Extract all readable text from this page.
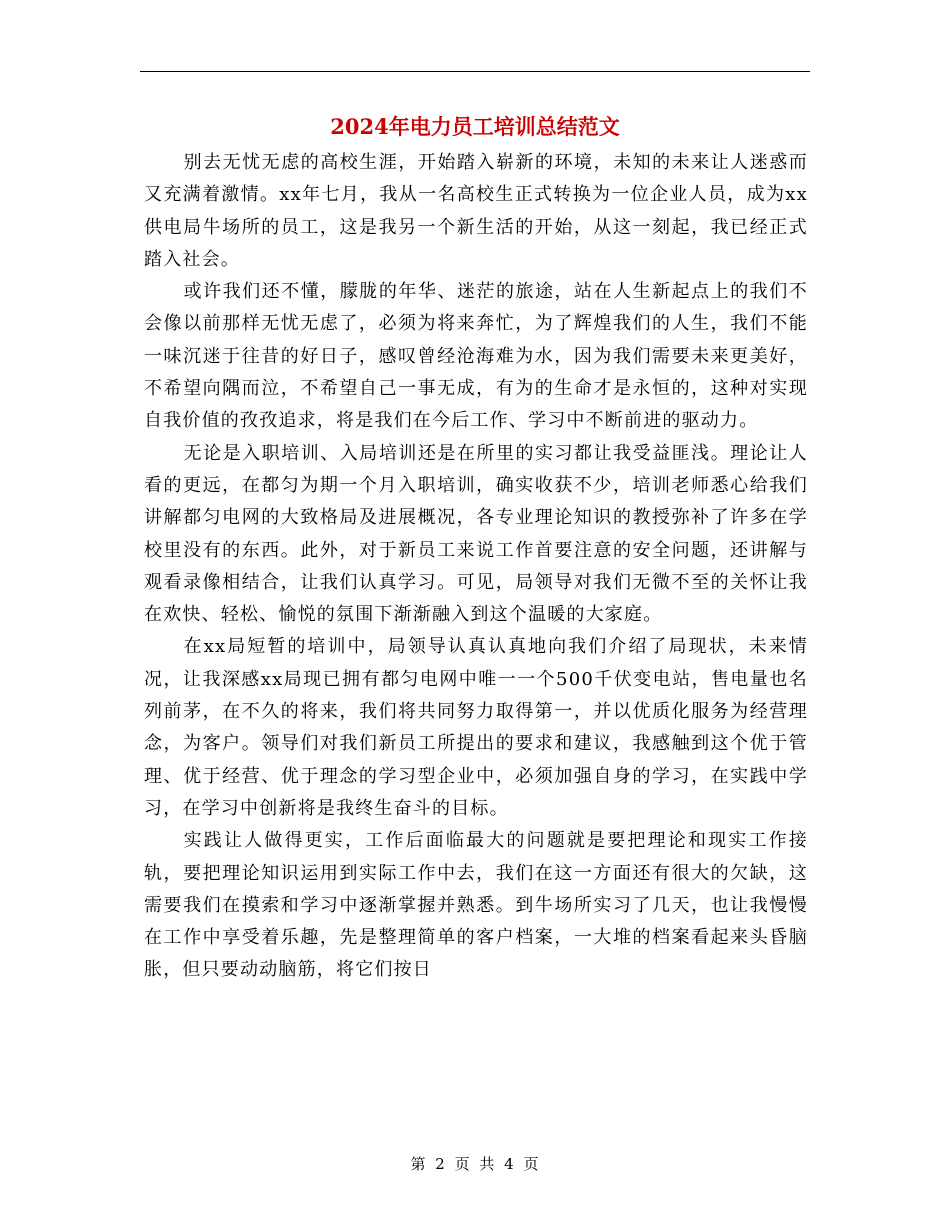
2024年电力员工培训总结范文

别去无忧无虑的高校生涯，开始踏入崭新的环境，未知的未来让人迷惑而又充满着激情。xx年七月，我从一名高校生正式转换为一位企业人员，成为xx供电局牛场所的员工，这是我另一个新生活的开始，从这一刻起，我已经正式踏入社会。

或许我们还不懂，朦胧的年华、迷茫的旅途，站在人生新起点上的我们不会像以前那样无忧无虑了，必须为将来奔忙，为了辉煌我们的人生，我们不能一味沉迷于往昔的好日子，感叹曾经沧海难为水，因为我们需要未来更美好，不希望向隅而泣，不希望自己一事无成，有为的生命才是永恒的，这种对实现自我价值的孜孜追求，将是我们在今后工作、学习中不断前进的驱动力。

无论是入职培训、入局培训还是在所里的实习都让我受益匪浅。理论让人看的更远，在都匀为期一个月入职培训，确实收获不少，培训老师悉心给我们讲解都匀电网的大致格局及进展概况，各专业理论知识的教授弥补了许多在学校里没有的东西。此外，对于新员工来说工作首要注意的安全问题，还讲解与观看录像相结合，让我们认真学习。可见，局领导对我们无微不至的关怀让我在欢快、轻松、愉悦的氛围下渐渐融入到这个温暖的大家庭。

在xx局短暂的培训中，局领导认真认真地向我们介绍了局现状，未来情况，让我深感xx局现已拥有都匀电网中唯一一个500千伏变电站，售电量也名列前茅，在不久的将来，我们将共同努力取得第一，并以优质化服务为经营理念，为客户。领导们对我们新员工所提出的要求和建议，我感触到这个优于管理、优于经营、优于理念的学习型企业中，必须加强自身的学习，在实践中学习，在学习中创新将是我终生奋斗的目标。

实践让人做得更实，工作后面临最大的问题就是要把理论和现实工作接轨，要把理论知识运用到实际工作中去，我们在这一方面还有很大的欠缺，这需要我们在摸索和学习中逐渐掌握并熟悉。到牛场所实习了几天，也让我慢慢在工作中享受着乐趣，先是整理简单的客户档案，一大堆的档案看起来头昏脑胀，但只要动动脑筋，将它们按日

第 2 页 共 4 页
